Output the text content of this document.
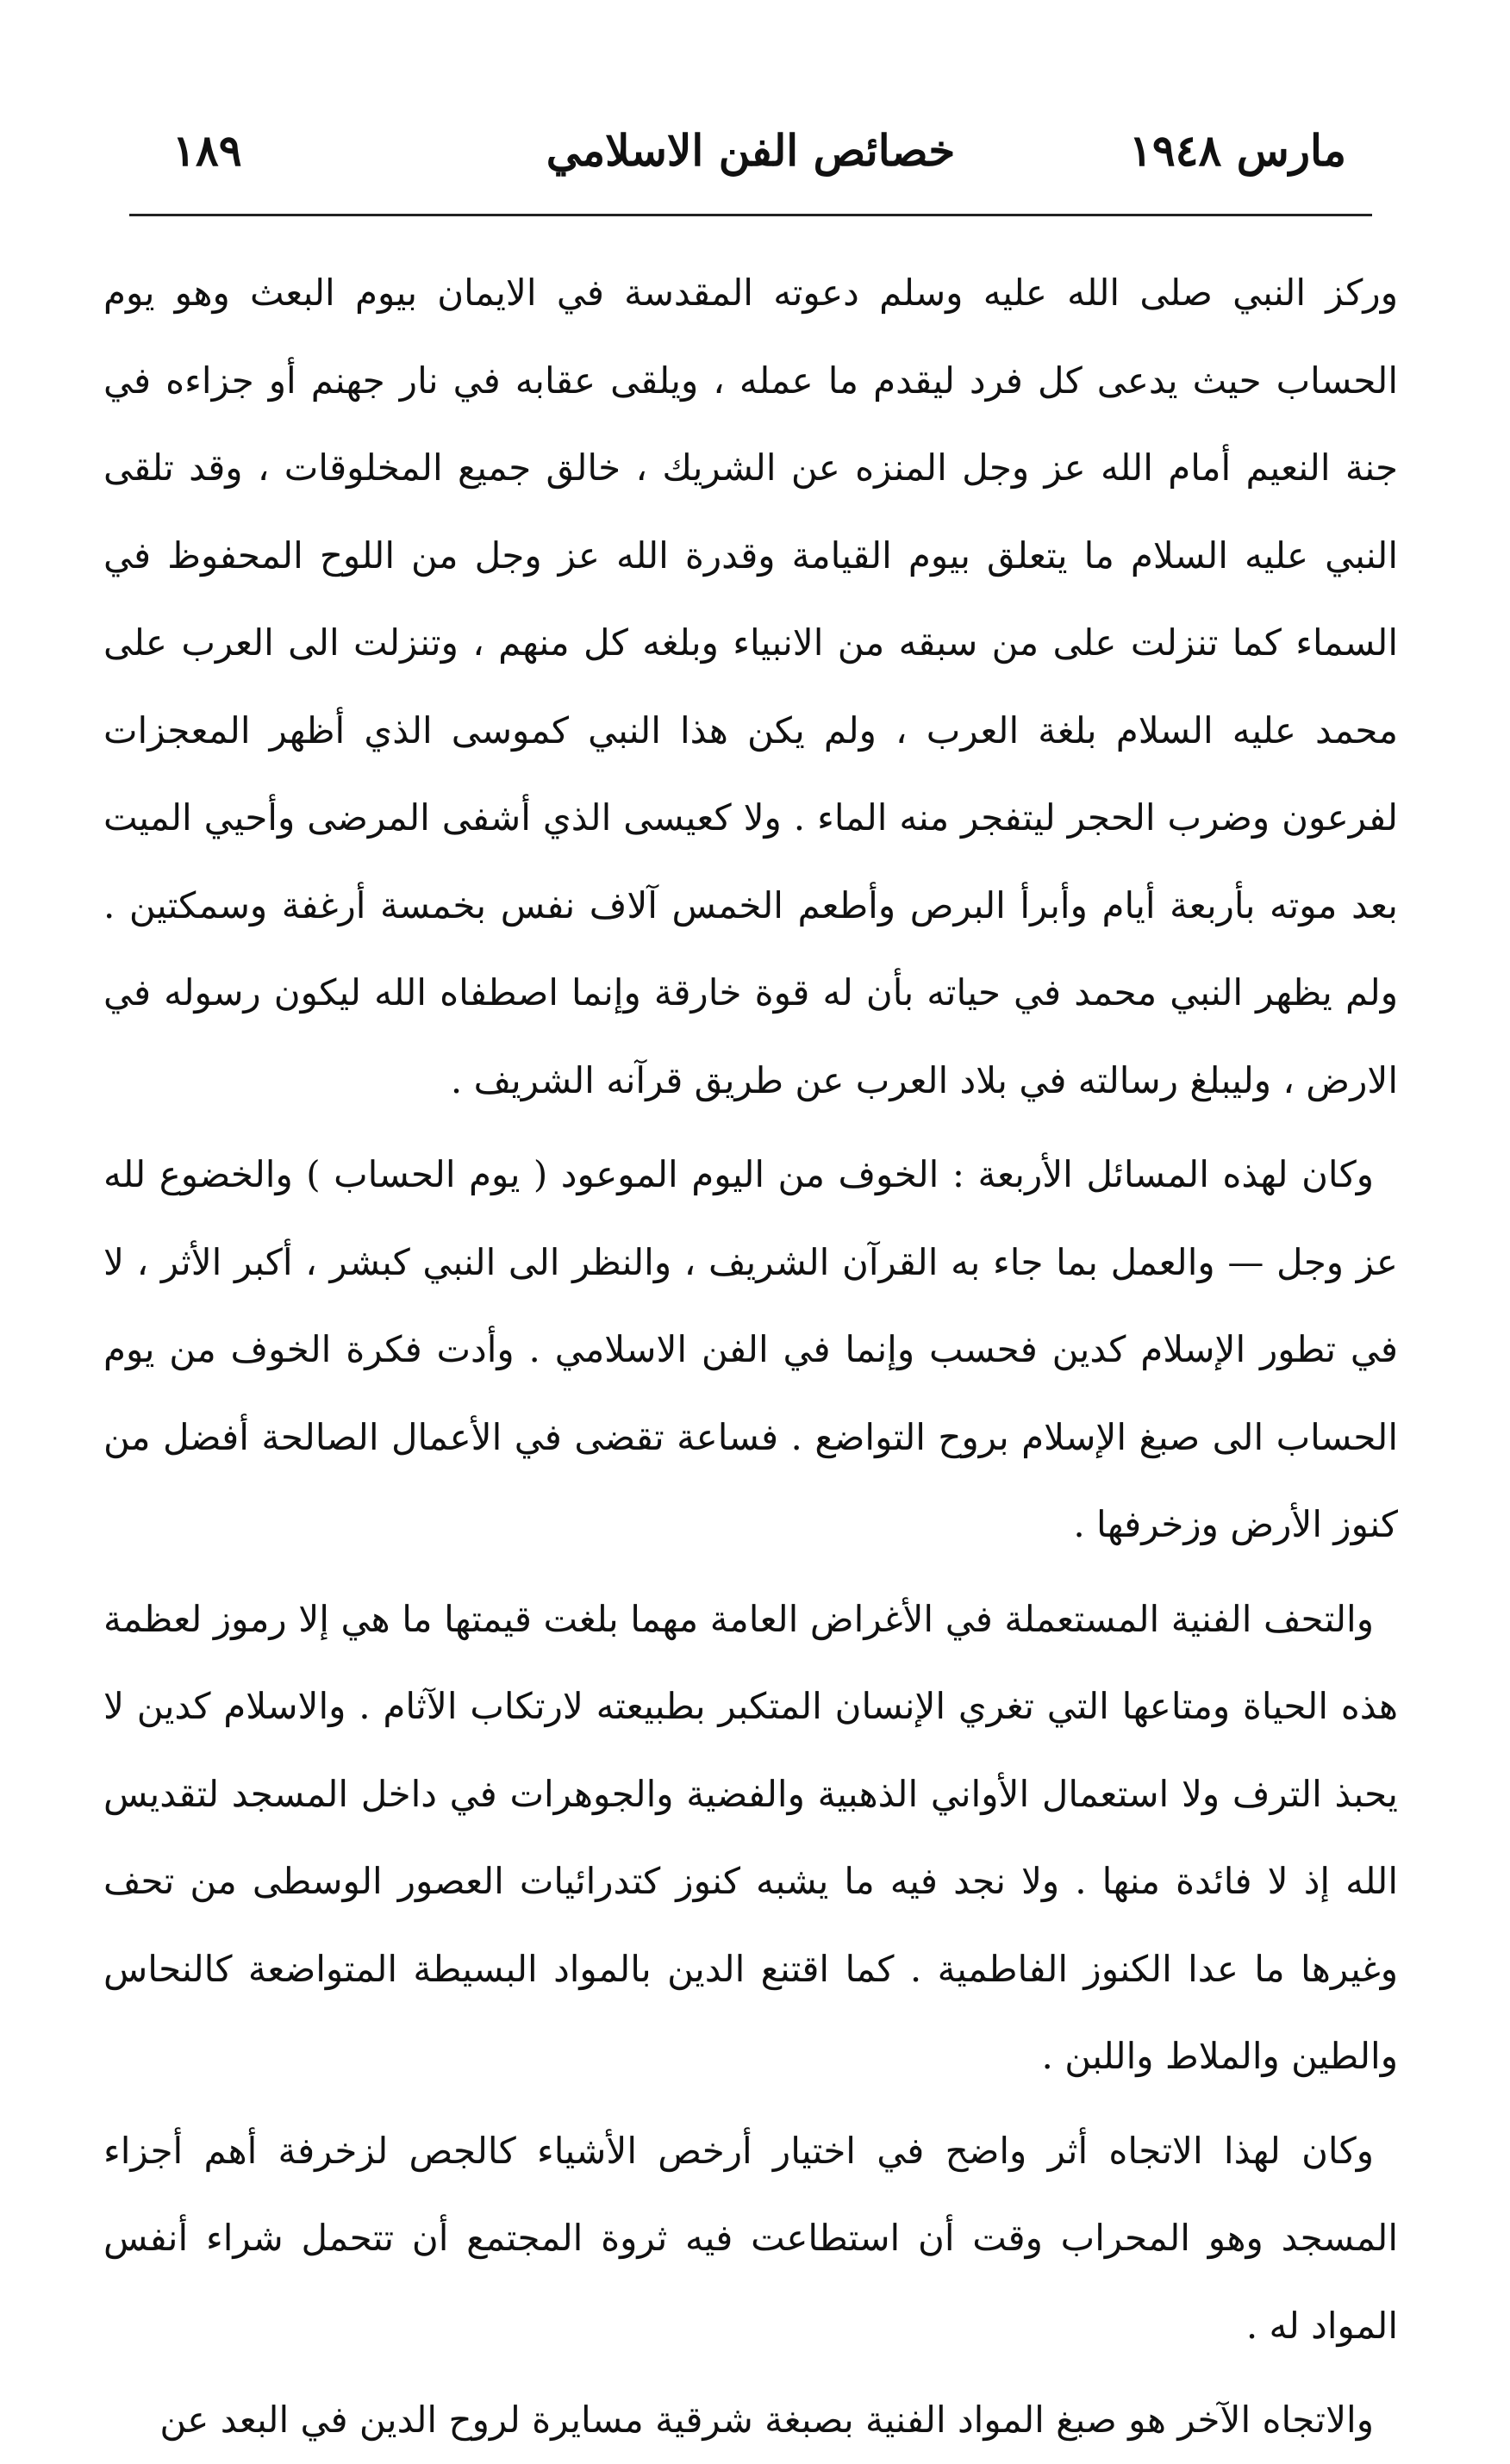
١٨٩	خصائص الفن الاسلامي	مارس ١٩٤٨

وركز النبي صلى الله عليه وسلم دعوته المقدسة في الايمان بيوم البعث وهو يوم الحساب حيث يدعى كل فرد ليقدم ما عمله ، ويلقى عقابه في نار جهنم أو جزاءه في جنة النعيم أمام الله عز وجل المنزه عن الشريك ، خالق جميع المخلوقات ، وقد تلقى النبي عليه السلام ما يتعلق بيوم القيامة وقدرة الله عز وجل من اللوح المحفوظ في السماء كما تنزلت على من سبقه من الانبياء وبلغه كل منهم ، وتنزلت الى العرب على محمد عليه السلام بلغة العرب ، ولم يكن هذا النبي كموسى الذي أظهر المعجزات لفرعون وضرب الحجر ليتفجر منه الماء . ولا كعيسى الذي أشفى المرضى وأحيي الميت بعد موته بأربعة أيام وأبرأ البرص وأطعم الخمس آلاف نفس بخمسة أرغفة وسمكتين . ولم يظهر النبي محمد في حياته بأن له قوة خارقة وإنما اصطفاه الله ليكون رسوله في الارض ، وليبلغ رسالته في بلاد العرب عن طريق قرآنه الشريف .

وكان لهذه المسائل الأربعة : الخوف من اليوم الموعود ( يوم الحساب ) والخضوع لله عز وجل — والعمل بما جاء به القرآن الشريف ، والنظر الى النبي كبشر ، أكبر الأثر ، لا في تطور الإسلام كدين فحسب وإنما في الفن الاسلامي . وأدت فكرة الخوف من يوم الحساب الى صبغ الإسلام بروح التواضع . فساعة تقضى في الأعمال الصالحة أفضل من كنوز الأرض وزخرفها .

والتحف الفنية المستعملة في الأغراض العامة مهما بلغت قيمتها ما هي إلا رموز لعظمة هذه الحياة ومتاعها التي تغري الإنسان المتكبر بطبيعته لارتكاب الآثام . والاسلام كدين لا يحبذ الترف ولا استعمال الأواني الذهبية والفضية والجوهرات في داخل المسجد لتقديس الله إذ لا فائدة منها . ولا نجد فيه ما يشبه كنوز كتدرائيات العصور الوسطى من تحف وغيرها ما عدا الكنوز الفاطمية . كما اقتنع الدين بالمواد البسيطة المتواضعة كالنحاس والطين والملاط واللبن .

وكان لهذا الاتجاه أثر واضح في اختيار أرخص الأشياء كالجص لزخرفة أهم أجزاء المسجد وهو المحراب وقت أن استطاعت فيه ثروة المجتمع أن تتحمل شراء أنفس المواد له .

والاتجاه الآخر هو صبغ المواد الفنية بصبغة شرقية مسايرة لروح الدين في البعد عن
